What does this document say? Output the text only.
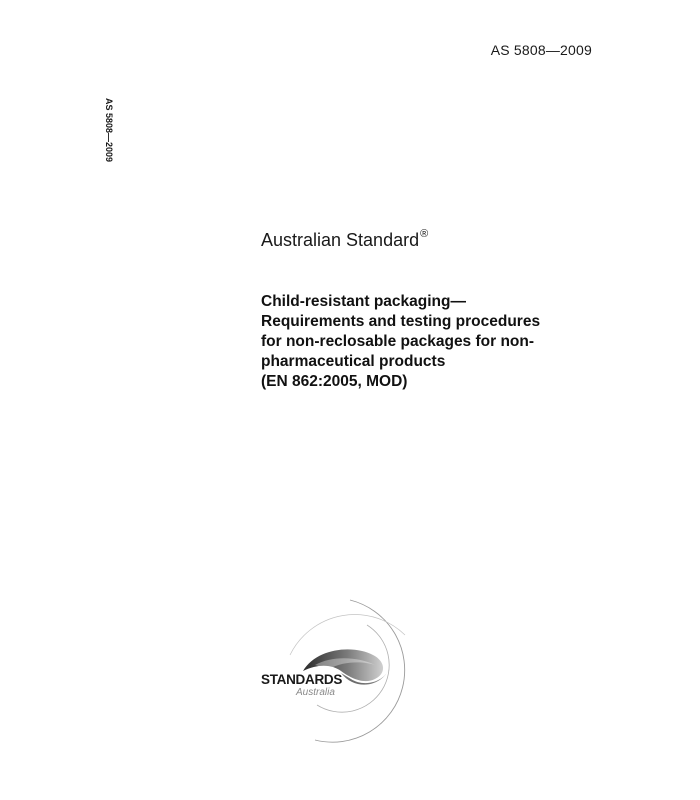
AS 5808—2009
AS 5808—2009
Australian Standard®
Child-resistant packaging—
Requirements and testing procedures
for non-reclosable packages for non-
pharmaceutical products
(EN 862:2005, MOD)
STANDARDS
Australia
